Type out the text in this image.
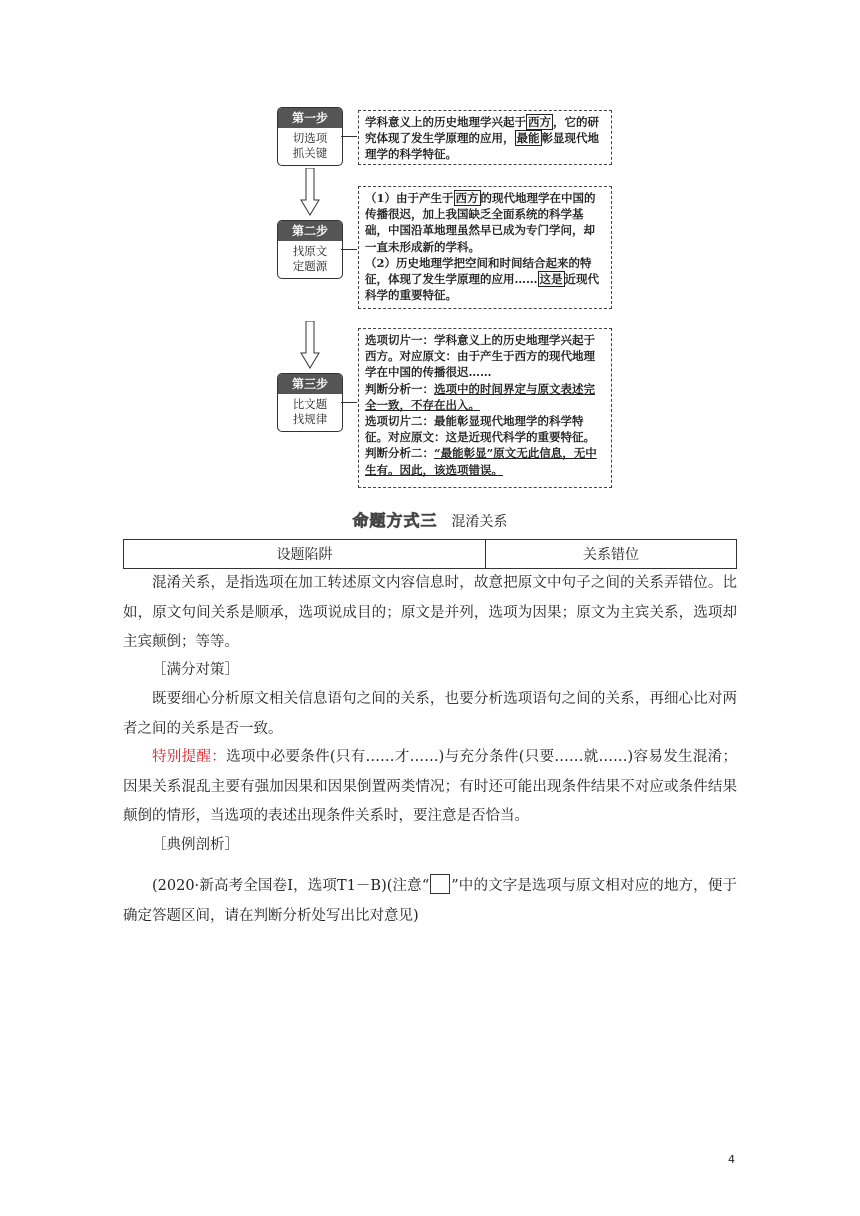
第一步
切选项
抓关键
学科意义上的历史地理学兴起于 西方 ，它的研究体现了发生学原理的应用， 最能 彰显现代地理学的科学特征。
第二步
找原文
定题源
（1）由于产生于 西方 的现代地理学在中国的传播很迟，加上我国缺乏全面系统的科学基础，中国沿革地理虽然早已成为专门学问，却一直未形成新的学科。
（2）历史地理学把空间和时间结合起来的特征，体现了发生学原理的应用…… 这是 近现代科学的重要特征。
第三步
比文题
找规律
选项切片一：学科意义上的历史地理学兴起于西方。对应原文：由于产生于西方的现代地理学在中国的传播很迟……
判断分析一：选项中的时间界定与原文表述完全一致，不存在出入。
选项切片二：最能彰显现代地理学的科学特征。对应原文：这是近现代科学的重要特征。
判断分析二：“最能彰显”原文无此信息，无中生有。因此，该选项错误。
命题方式三 混淆关系
设题陷阱	关系错位
混淆关系，是指选项在加工转述原文内容信息时，故意把原文中句子之间的关系弄错位。比如，原文句间关系是顺承，选项说成目的；原文是并列，选项为因果；原文为主宾关系，选项却主宾颠倒；等等。
［满分对策］
既要细心分析原文相关信息语句之间的关系，也要分析选项语句之间的关系，再细心比对两者之间的关系是否一致。
特别提醒：选项中必要条件(只有……才……)与充分条件(只要……就……)容易发生混淆；因果关系混乱主要有强加因果和因果倒置两类情况；有时还可能出现条件结果不对应或条件结果颠倒的情形，当选项的表述出现条件关系时，要注意是否恰当。
［典例剖析］
(2020·新高考全国卷Ⅰ，选项T1－B)(注意“ ”中的文字是选项与原文相对应的地方，便于确定答题区间，请在判断分析处写出比对意见)
4
